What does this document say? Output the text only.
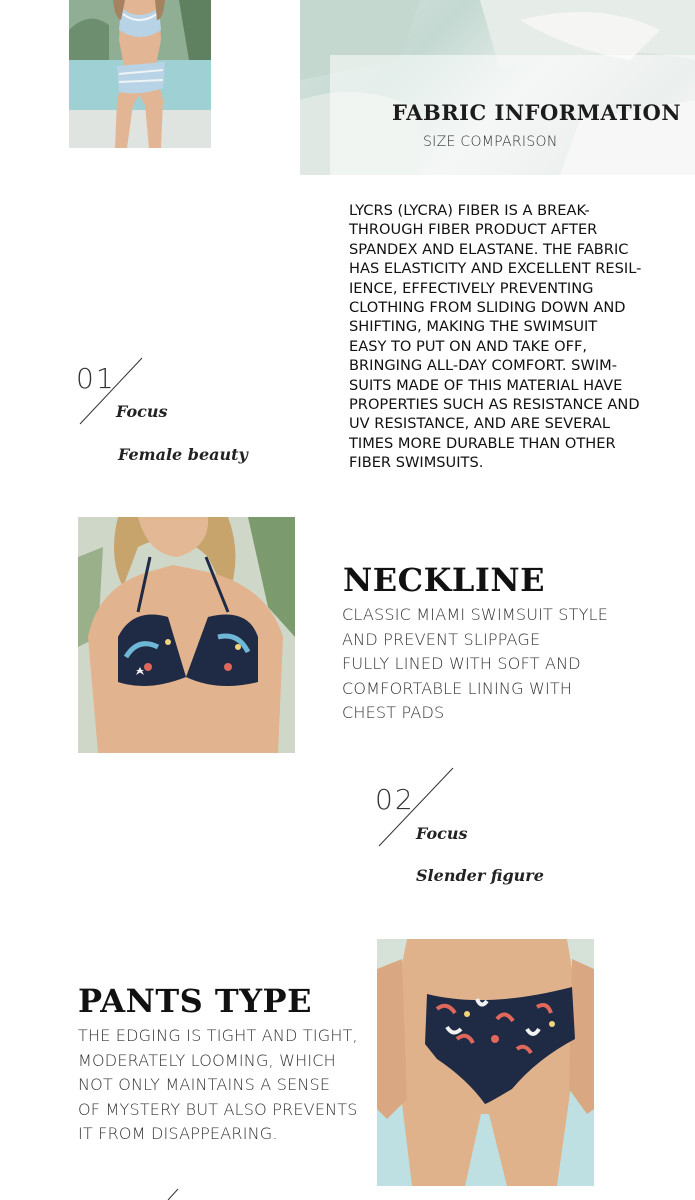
FABRIC INFORMATION
SIZE COMPARISON
LYCRS (LYCRA) FIBER IS A BREAK-
THROUGH FIBER PRODUCT AFTER
SPANDEX AND ELASTANE. THE FABRIC
HAS ELASTICITY AND EXCELLENT RESIL-
IENCE, EFFECTIVELY PREVENTING
CLOTHING FROM SLIDING DOWN AND
SHIFTING, MAKING THE SWIMSUIT
EASY TO PUT ON AND TAKE OFF,
BRINGING ALL-DAY COMFORT. SWIM-
SUITS MADE OF THIS MATERIAL HAVE
PROPERTIES SUCH AS RESISTANCE AND
UV RESISTANCE, AND ARE SEVERAL
TIMES MORE DURABLE THAN OTHER
FIBER SWIMSUITS.
01
Focus
Female beauty
NECKLINE
CLASSIC MIAMI SWIMSUIT STYLE
AND PREVENT SLIPPAGE
FULLY LINED WITH SOFT AND
COMFORTABLE LINING WITH
CHEST PADS
02
Focus
Slender figure
PANTS TYPE
THE EDGING IS TIGHT AND TIGHT,
MODERATELY LOOMING, WHICH
NOT ONLY MAINTAINS A SENSE
OF MYSTERY BUT ALSO PREVENTS
IT FROM DISAPPEARING.
